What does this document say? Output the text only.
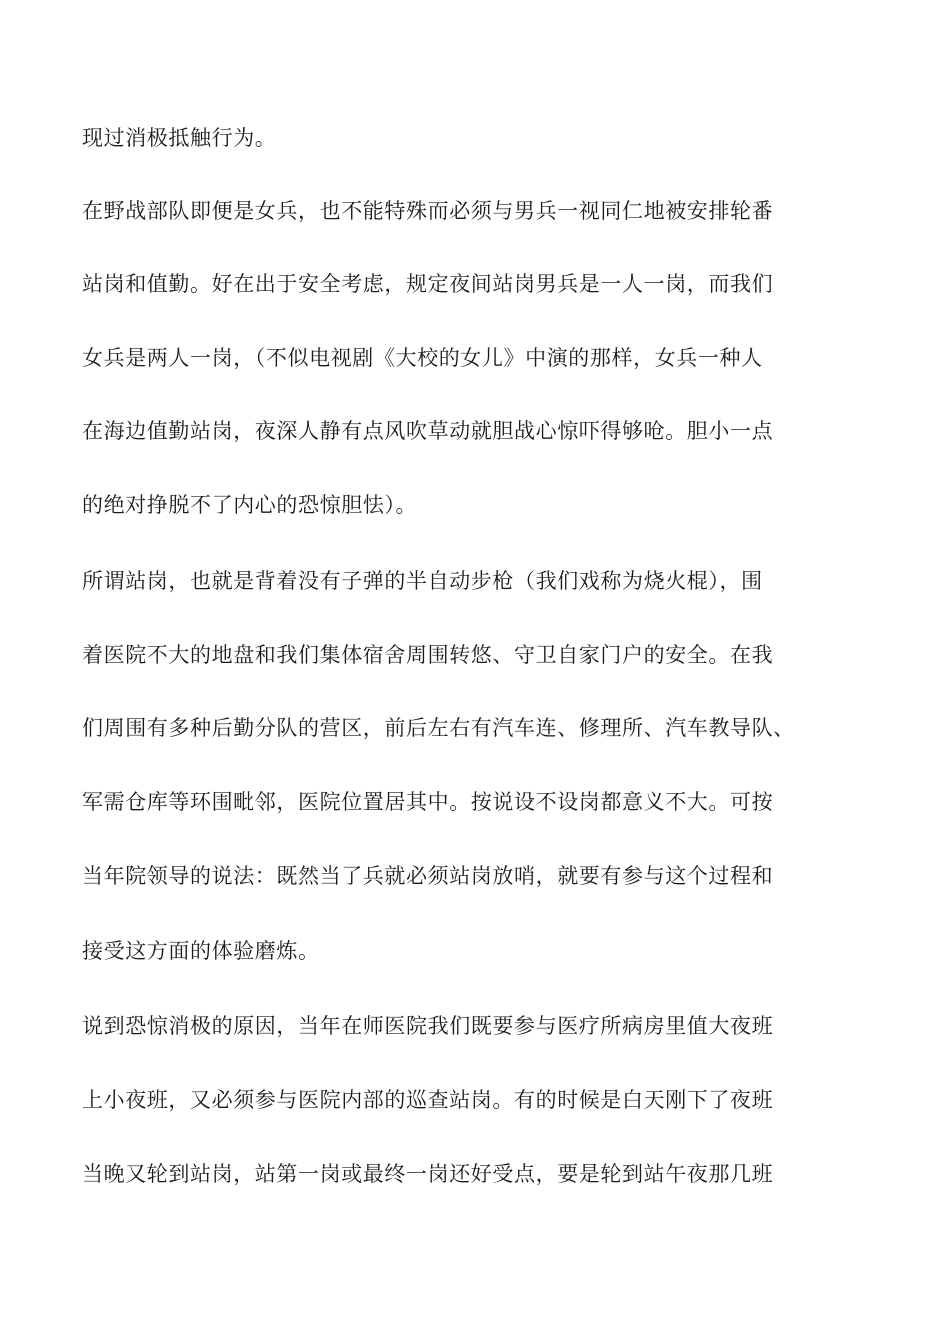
现过消极抵触行为。

在野战部队即便是女兵，也不能特殊而必须与男兵一视同仁地被安排轮番

站岗和值勤。好在出于安全考虑，规定夜间站岗男兵是一人一岗，而我们

女兵是两人一岗，（不似电视剧《大校的女儿》中演的那样，女兵一种人

在海边值勤站岗，夜深人静有点风吹草动就胆战心惊吓得够呛。胆小一点

的绝对挣脱不了内心的恐惊胆怯）。

所谓站岗，也就是背着没有子弹的半自动步枪（我们戏称为烧火棍），围

着医院不大的地盘和我们集体宿舍周围转悠、守卫自家门户的安全。在我

们周围有多种后勤分队的营区，前后左右有汽车连、修理所、汽车教导队、

军需仓库等环围毗邻，医院位置居其中。按说设不设岗都意义不大。可按

当年院领导的说法：既然当了兵就必须站岗放哨，就要有参与这个过程和

接受这方面的体验磨炼。

说到恐惊消极的原因，当年在师医院我们既要参与医疗所病房里值大夜班

上小夜班，又必须参与医院内部的巡查站岗。有的时候是白天刚下了夜班

当晚又轮到站岗，站第一岗或最终一岗还好受点，要是轮到站午夜那几班
